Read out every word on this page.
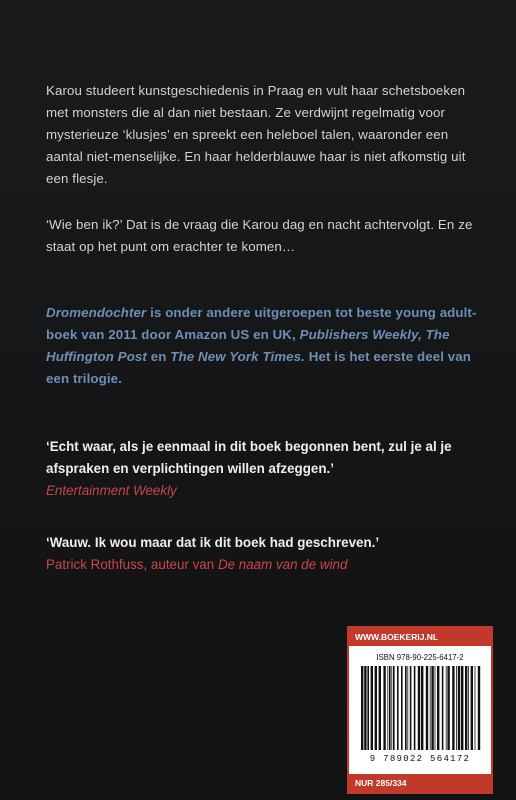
Karou studeert kunstgeschiedenis in Praag en vult haar schetsboeken met monsters die al dan niet bestaan. Ze verdwijnt regelmatig voor mysterieuze ‘klusjes’ en spreekt een heleboel talen, waaronder een aantal niet-menselijke. En haar helderblauwe haar is niet afkomstig uit een flesje.

‘Wie ben ik?’ Dat is de vraag die Karou dag en nacht achtervolgt. En ze staat op het punt om erachter te komen…

Dromendochter is onder andere uitgeroepen tot beste young adult-boek van 2011 door Amazon US en UK, Publishers Weekly, The Huffington Post en The New York Times. Het is het eerste deel van een trilogie.

‘Echt waar, als je eenmaal in dit boek begonnen bent, zul je al je afspraken en verplichtingen willen afzeggen.’

Entertainment Weekly

‘Wauw. Ik wou maar dat ik dit boek had geschreven.’

Patrick Rothfuss, auteur van De naam van de wind

WWW.BOEKERIJ.NL
ISBN 978-90-225-6417-2
9 789022 564172
NUR 285/334
